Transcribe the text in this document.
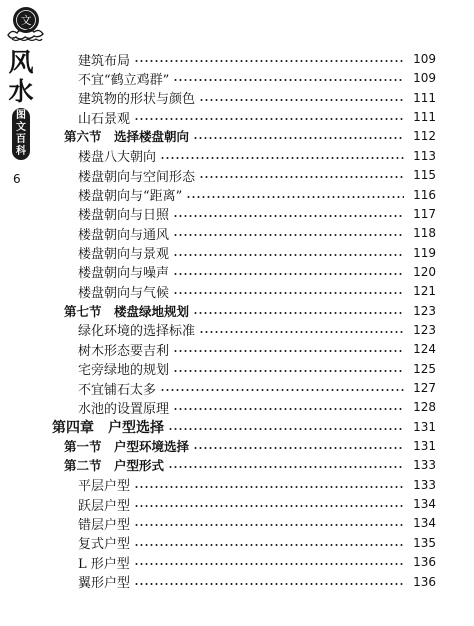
文
风
水
图
文
百
科
6
建筑布局	109
不宜“鹤立鸡群”	109
建筑物的形状与颜色	111
山石景观	111
第六节　选择楼盘朝向	112
楼盘八大朝向	113
楼盘朝向与空间形态	115
楼盘朝向与“距离”	116
楼盘朝向与日照	117
楼盘朝向与通风	118
楼盘朝向与景观	119
楼盘朝向与噪声	120
楼盘朝向与气候	121
第七节　楼盘绿地规划	123
绿化环境的选择标准	123
树木形态要吉利	124
宅旁绿地的规划	125
不宜铺石太多	127
水池的设置原理	128
第四章　户型选择	131
第一节　户型环境选择	131
第二节　户型形式	133
平层户型	133
跃层户型	134
错层户型	134
复式户型	135
L 形户型	136
翼形户型	136
